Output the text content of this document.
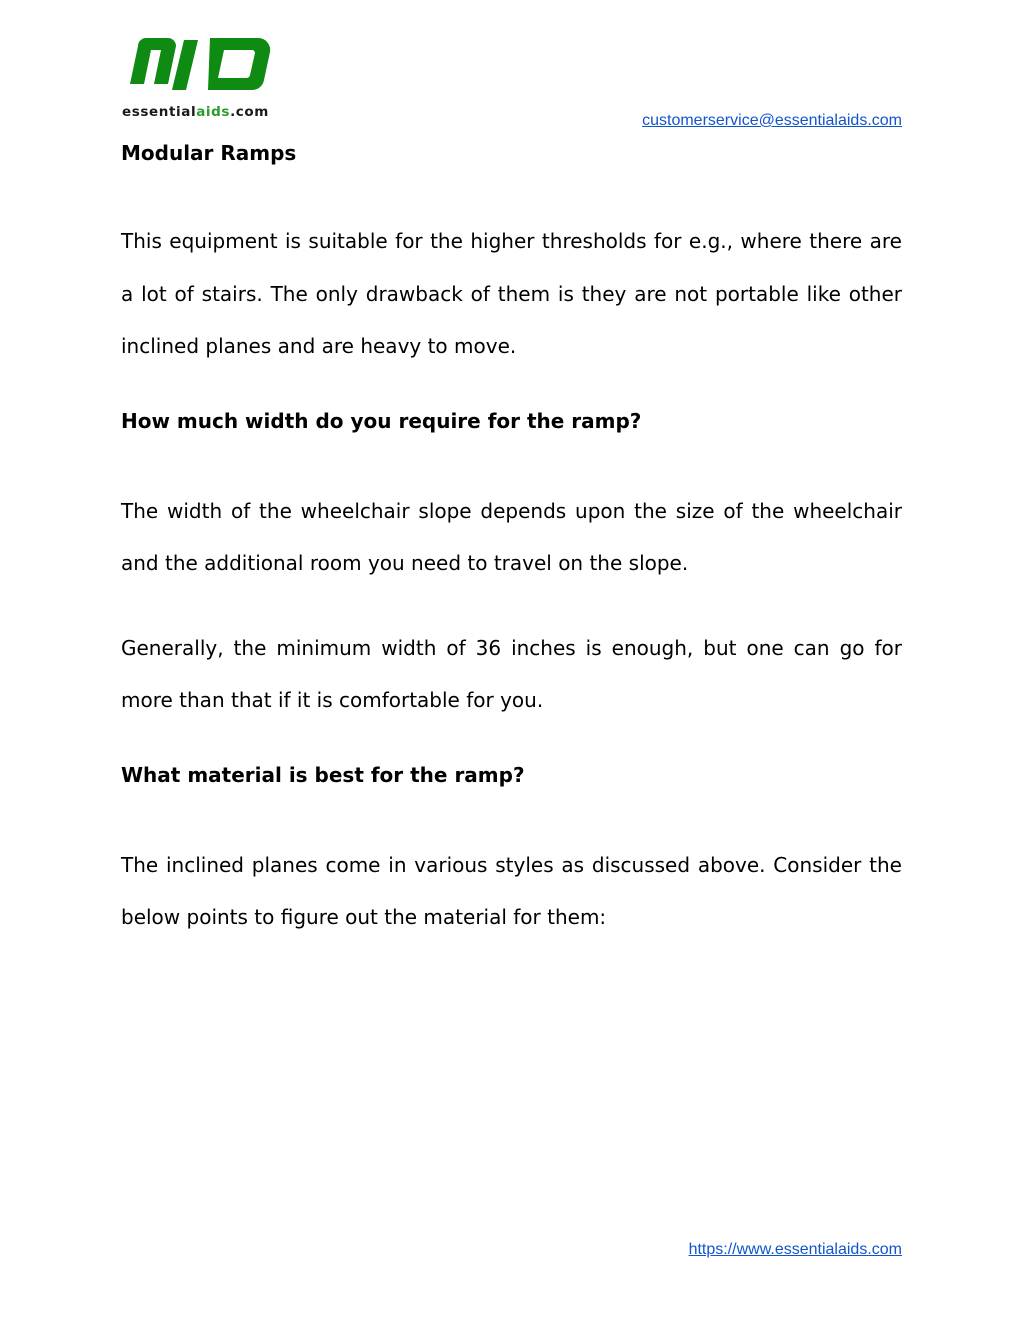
essentialaids.com	customerservice@essentialaids.com
Modular Ramps

This equipment is suitable for the higher thresholds for e.g., where there are a lot of stairs. The only drawback of them is they are not portable like other inclined planes and are heavy to move.

How much width do you require for the ramp?

The width of the wheelchair slope depends upon the size of the wheelchair and the additional room you need to travel on the slope.

Generally, the minimum width of 36 inches is enough, but one can go for more than that if it is comfortable for you.

What material is best for the ramp?

The inclined planes come in various styles as discussed above. Consider the below points to figure out the material for them:

https://www.essentialaids.com
